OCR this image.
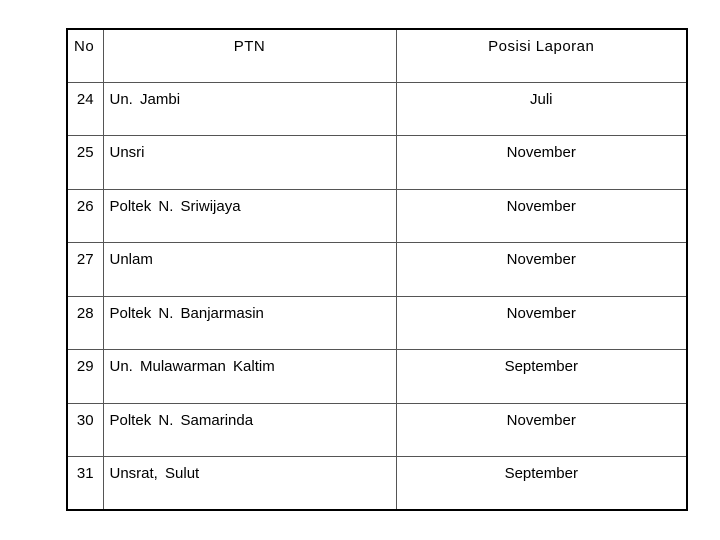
No	PTN	Posisi Laporan
24	Un. Jambi	Juli
25	Unsri	November
26	Poltek N. Sriwijaya	November
27	Unlam	November
28	Poltek N. Banjarmasin	November
29	Un. Mulawarman Kaltim	September
30	Poltek N. Samarinda	November
31	Unsrat, Sulut	September
